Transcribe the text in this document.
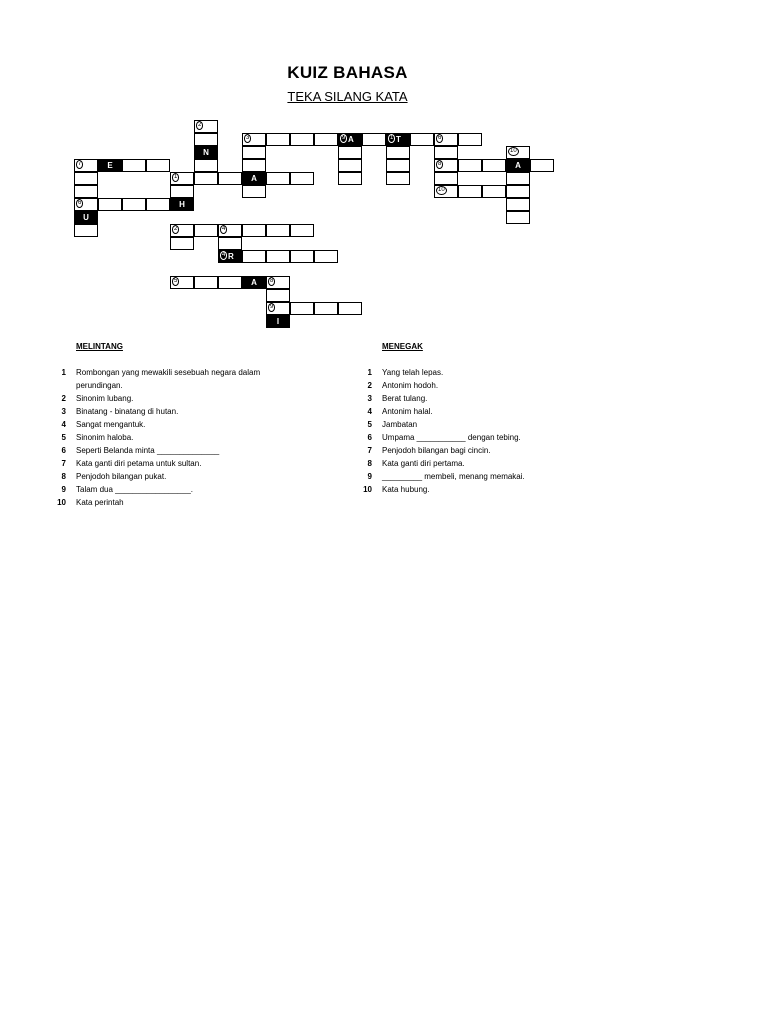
KUIZ BAHASA
TEKA SILANG KATA
2
N
3	9 A	1 T	6
A
8
10
A
10
7	E
6	H
U
1
2	4
4 R
5	A	8
9
I
MELINTANG	MENEGAK
1	Rombongan yang mewakili sesebuah negara dalam perundingan.
2	Sinonim lubang.
3	Binatang - binatang di hutan.
4	Sangat mengantuk.
5	Sinonim haloba.
6	Seperti Belanda minta ______________
7	Kata ganti diri petama untuk sultan.
8	Penjodoh bilangan pukat.
9	Talam dua _________________.
10	Kata perintah
1	Yang telah lepas.
2	Antonim hodoh.
3	Berat tulang.
4	Antonim halal.
5	Jambatan
6	Umpama ___________ dengan tebing.
7	Penjodoh bilangan bagi cincin.
8	Kata ganti diri pertama.
9	_________ membeli, menang memakai.
10	Kata hubung.
